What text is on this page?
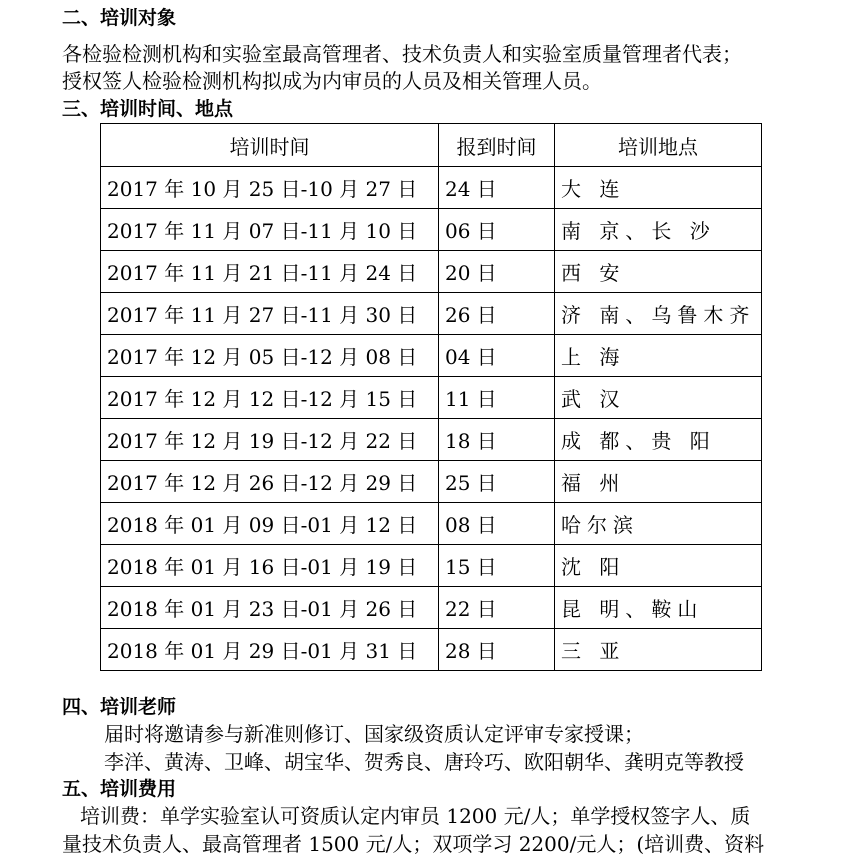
二、培训对象
各检验检测机构和实验室最高管理者、技术负责人和实验室质量管理者代表；
授权签人检验检测机构拟成为内审员的人员及相关管理人员。
三、培训时间、地点
培训时间	报到时间	培训地点
2017 年 10 月 25 日-10 月 27 日	24 日	大 连
2017 年 11 月 07 日-11 月 10 日	06 日	南 京、长 沙
2017 年 11 月 21 日-11 月 24 日	20 日	西 安
2017 年 11 月 27 日-11 月 30 日	26 日	济 南、乌鲁木齐
2017 年 12 月 05 日-12 月 08 日	04 日	上 海
2017 年 12 月 12 日-12 月 15 日	11 日	武 汉
2017 年 12 月 19 日-12 月 22 日	18 日	成 都、贵 阳
2017 年 12 月 26 日-12 月 29 日	25 日	福 州
2018 年 01 月 09 日-01 月 12 日	08 日	哈尔滨
2018 年 01 月 16 日-01 月 19 日	15 日	沈 阳
2018 年 01 月 23 日-01 月 26 日	22 日	昆 明、鞍山
2018 年 01 月 29 日-01 月 31 日	28 日	三 亚
四、培训老师
届时将邀请参与新准则修订、国家级资质认定评审专家授课；
李洋、黄涛、卫峰、胡宝华、贺秀良、唐玲巧、欧阳朝华、龚明克等教授
五、培训费用
培训费：单学实验室认可资质认定内审员 1200 元/人；单学授权签字人、质
量技术负责人、最高管理者 1500 元/人；双项学习 2200/元人；(培训费、资料
